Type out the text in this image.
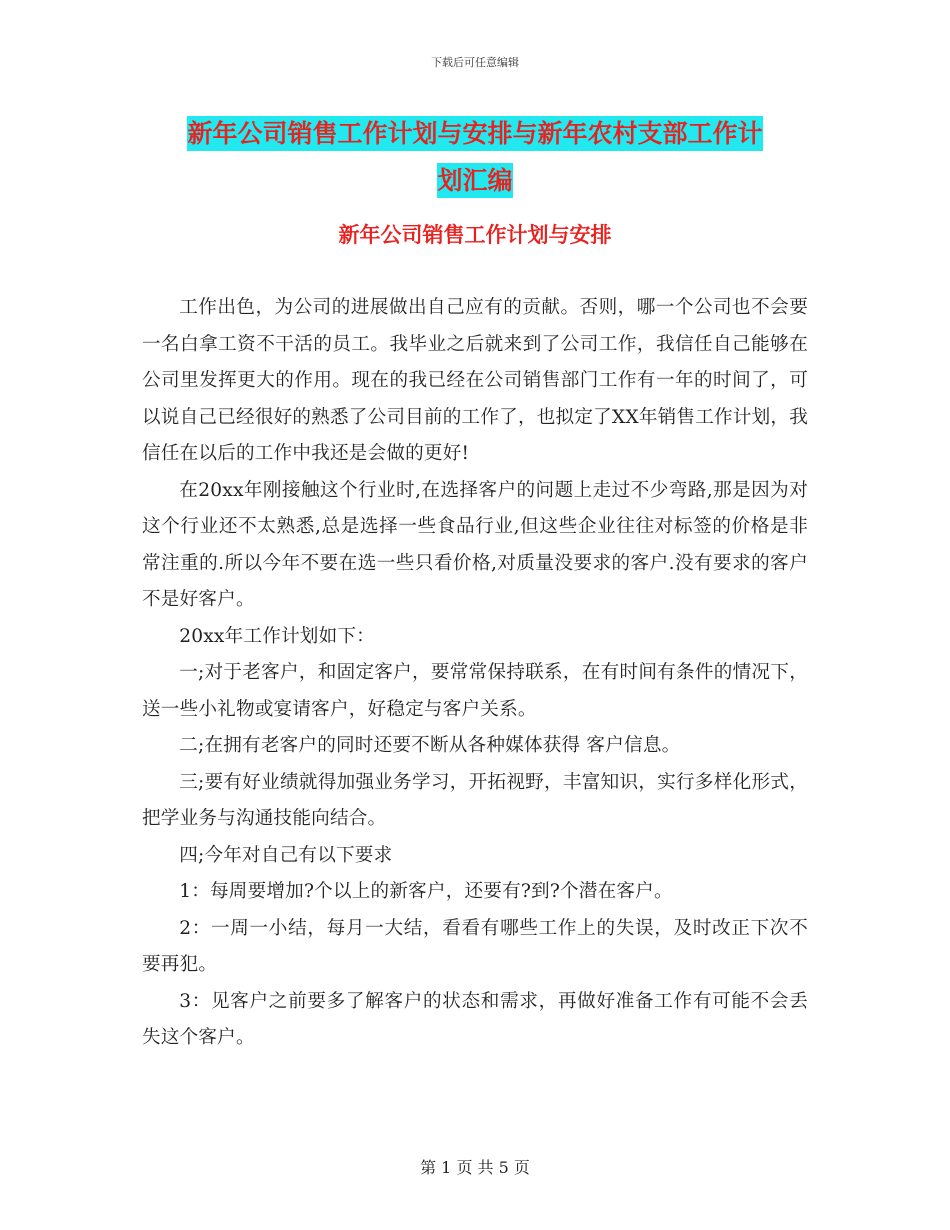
下载后可任意编辑
新年公司销售工作计划与安排与新年农村支部工作计
划汇编
新年公司销售工作计划与安排

工作出色，为公司的进展做出自己应有的贡献。否则，哪一个公司也不会要一名白拿工资不干活的员工。我毕业之后就来到了公司工作，我信任自己能够在公司里发挥更大的作用。现在的我已经在公司销售部门工作有一年的时间了，可以说自己已经很好的熟悉了公司目前的工作了，也拟定了XX年销售工作计划，我信任在以后的工作中我还是会做的更好!

在20xx年刚接触这个行业时,在选择客户的问题上走过不少弯路,那是因为对这个行业还不太熟悉,总是选择一些食品行业,但这些企业往往对标签的价格是非常注重的.所以今年不要在选一些只看价格,对质量没要求的客户.没有要求的客户不是好客户。

20xx年工作计划如下：

一;对于老客户，和固定客户，要常常保持联系，在有时间有条件的情况下，送一些小礼物或宴请客户，好稳定与客户关系。

二;在拥有老客户的同时还要不断从各种媒体获得 客户信息。

三;要有好业绩就得加强业务学习，开拓视野，丰富知识，实行多样化形式，把学业务与沟通技能向结合。

四;今年对自己有以下要求

1：每周要增加?个以上的新客户，还要有?到?个潜在客户。

2：一周一小结，每月一大结，看看有哪些工作上的失误，及时改正下次不要再犯。

3：见客户之前要多了解客户的状态和需求，再做好准备工作有可能不会丢失这个客户。

第 1 页 共 5 页
